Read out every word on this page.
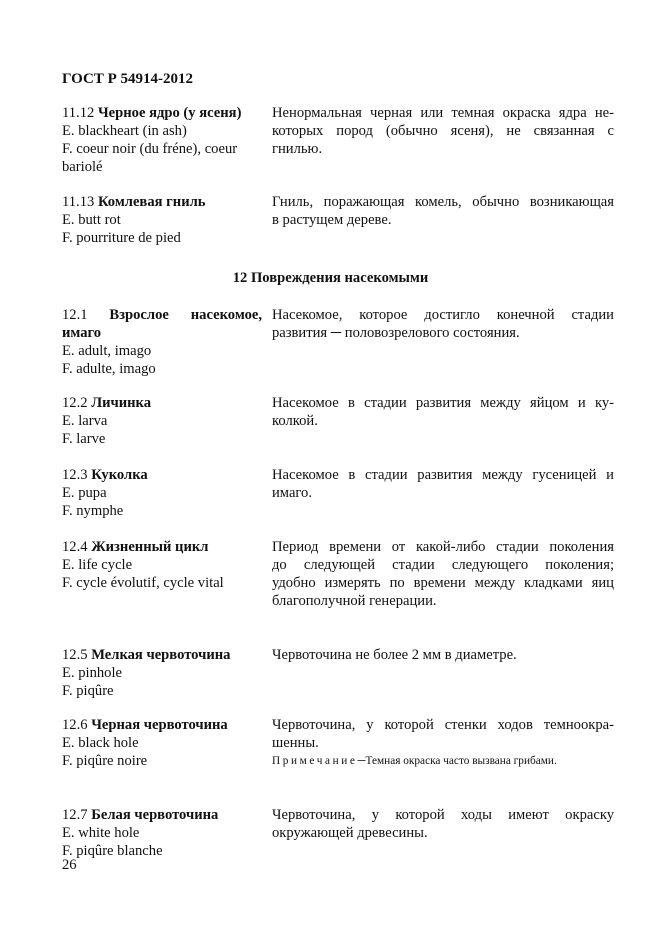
ГОСТ Р 54914-2012
12 Повреждения насекомыми
11.12 Черное ядро (у ясеня)
E. blackheart (in ash)
F. coeur noir (du fréne), coeur
bariolé
Ненормальная черная или темная окраска ядра не-
которых пород (обычно ясеня), не связанная с
гнилью.
11.13 Комлевая гниль
E. butt rot
F. pourriture de pied
Гниль, поражающая комель, обычно возникающая
в растущем дереве.
12.1 Взрослое насекомое,
имаго
E. adult, imago
F. adulte, imago
Насекомое, которое достигло конечной стадии
развития ─ половозрелового состояния.
12.2 Личинка
E. larva
F. larve
Насекомое в стадии развития между яйцом и ку-
колкой.
12.3 Куколка
E. pupa
F. nymphe
Насекомое в стадии развития между гусеницей и
имаго.
12.4 Жизненный цикл
E. life cycle
F. cycle évolutif, cycle vital
Период времени от какой-либо стадии поколения
до следующей стадии следующего поколения;
удобно измерять по времени между кладками яиц
благополучной генерации.
12.5 Мелкая червоточина
E. pinhole
F. piqûre
Червоточина не более 2 мм в диаметре.
12.6 Черная червоточина
E. black hole
F. piqûre noire
Червоточина, у которой стенки ходов темноокра-
шенны.
Примечание─Темная окраска часто вызвана грибами.
12.7 Белая червоточина
E. white hole
F. piqûre blanche
Червоточина, у которой ходы имеют окраску
окружающей древесины.
26
